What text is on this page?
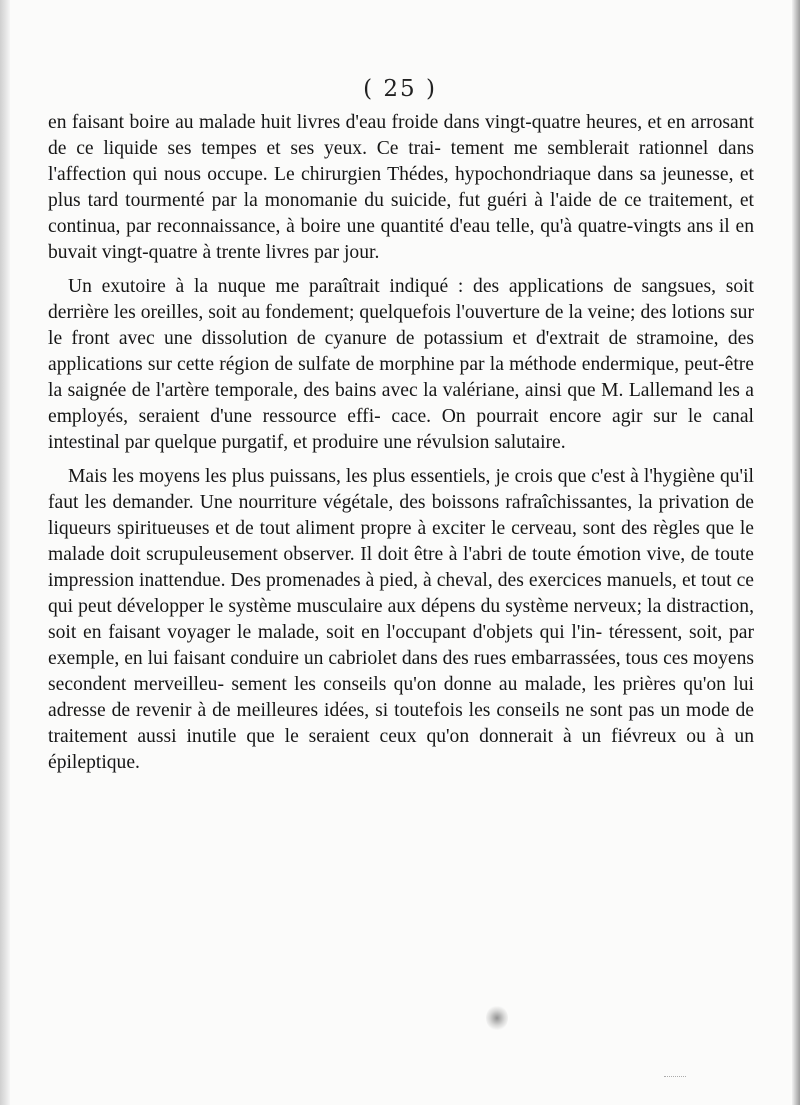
( 25 )

en faisant boire au malade huit livres d'eau froide dans vingt-quatre heures, et en arrosant de ce liquide ses tempes et ses yeux. Ce trai- tement me semblerait rationnel dans l'affection qui nous occupe. Le chirurgien Thédes, hypochondriaque dans sa jeunesse, et plus tard tourmenté par la monomanie du suicide, fut guéri à l'aide de ce traitement, et continua, par reconnaissance, à boire une quantité d'eau telle, qu'à quatre-vingts ans il en buvait vingt-quatre à trente livres par jour.

Un exutoire à la nuque me paraîtrait indiqué : des applications de sangsues, soit derrière les oreilles, soit au fondement; quelquefois l'ouverture de la veine; des lotions sur le front avec une dissolution de cyanure de potassium et d'extrait de stramoine, des applications sur cette région de sulfate de morphine par la méthode endermique, peut-être la saignée de l'artère temporale, des bains avec la valériane, ainsi que M. Lallemand les a employés, seraient d'une ressource effi- cace. On pourrait encore agir sur le canal intestinal par quelque purgatif, et produire une révulsion salutaire.

Mais les moyens les plus puissans, les plus essentiels, je crois que c'est à l'hygiène qu'il faut les demander. Une nourriture végétale, des boissons rafraîchissantes, la privation de liqueurs spiritueuses et de tout aliment propre à exciter le cerveau, sont des règles que le malade doit scrupuleusement observer. Il doit être à l'abri de toute émotion vive, de toute impression inattendue. Des promenades à pied, à cheval, des exercices manuels, et tout ce qui peut développer le système musculaire aux dépens du système nerveux; la distraction, soit en faisant voyager le malade, soit en l'occupant d'objets qui l'in- téressent, soit, par exemple, en lui faisant conduire un cabriolet dans des rues embarrassées, tous ces moyens secondent merveilleu- sement les conseils qu'on donne au malade, les prières qu'on lui adresse de revenir à de meilleures idées, si toutefois les conseils ne sont pas un mode de traitement aussi inutile que le seraient ceux qu'on donnerait à un fiévreux ou à un épileptique.
